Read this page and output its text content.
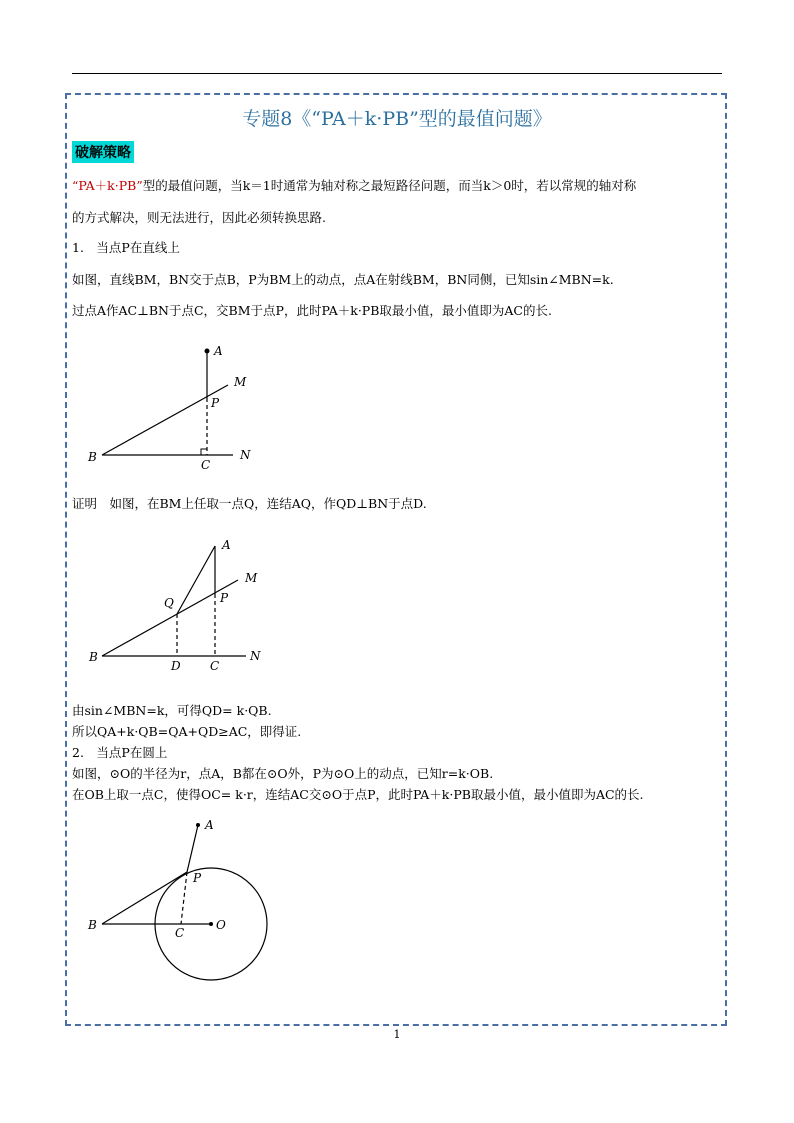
专题8《“PA＋k·PB”型的最值问题》
破解策略
“PA＋k·PB”型的最值问题，当k＝1时通常为轴对称之最短路径问题，而当k＞0时，若以常规的轴对称
的方式解决，则无法进行，因此必须转换思路.
1.　当点P在直线上
如图，直线BM，BN交于点B，P为BM上的动点，点A在射线BM，BN同侧，已知sin∠MBN=k.
过点A作AC⊥BN于点C，交BM于点P，此时PA＋k·PB取最小值，最小值即为AC的长.
A
M
P
B
C
N
证明　如图，在BM上任取一点Q，连结AQ，作QD⊥BN于点D.
A
M
Q	P
B
D C
N
由sin∠MBN=k，可得QD= k·QB.
所以QA+k·QB=QA+QD≥AC，即得证.
2.　当点P在圆上
如图，⊙O的半径为r，点A，B都在⊙O外，P为⊙O上的动点，已知r=k·OB.
在OB上取一点C，使得OC= k·r，连结AC交⊙O于点P，此时PA＋k·PB取最小值，最小值即为AC的长.
A
P
B
C
O
1
